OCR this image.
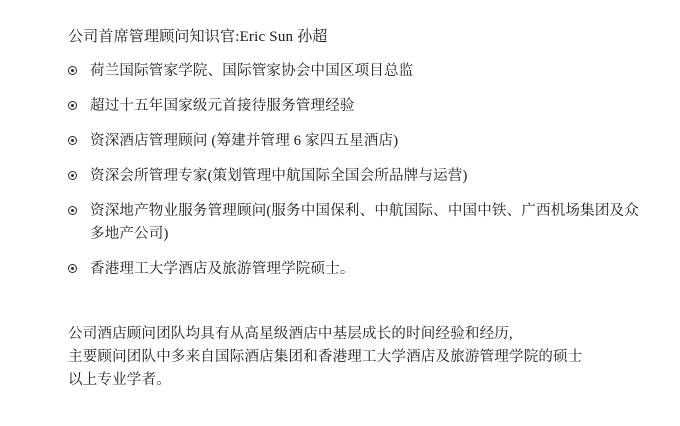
公司首席管理顾问知识官:Eric Sun 孙超
荷兰国际管家学院、国际管家协会中国区项目总监
超过十五年国家级元首接待服务管理经验
资深酒店管理顾问 (筹建并管理 6 家四五星酒店)
资深会所管理专家(策划管理中航国际全国会所品牌与运营)
资深地产物业服务管理顾问(服务中国保利、中航国际、中国中铁、广西机场集团及众多地产公司)
香港理工大学酒店及旅游管理学院硕士。

公司酒店顾问团队均具有从高星级酒店中基层成长的时间经验和经历,

主要顾问团队中多来自国际酒店集团和香港理工大学酒店及旅游管理学院的硕士

以上专业学者。
